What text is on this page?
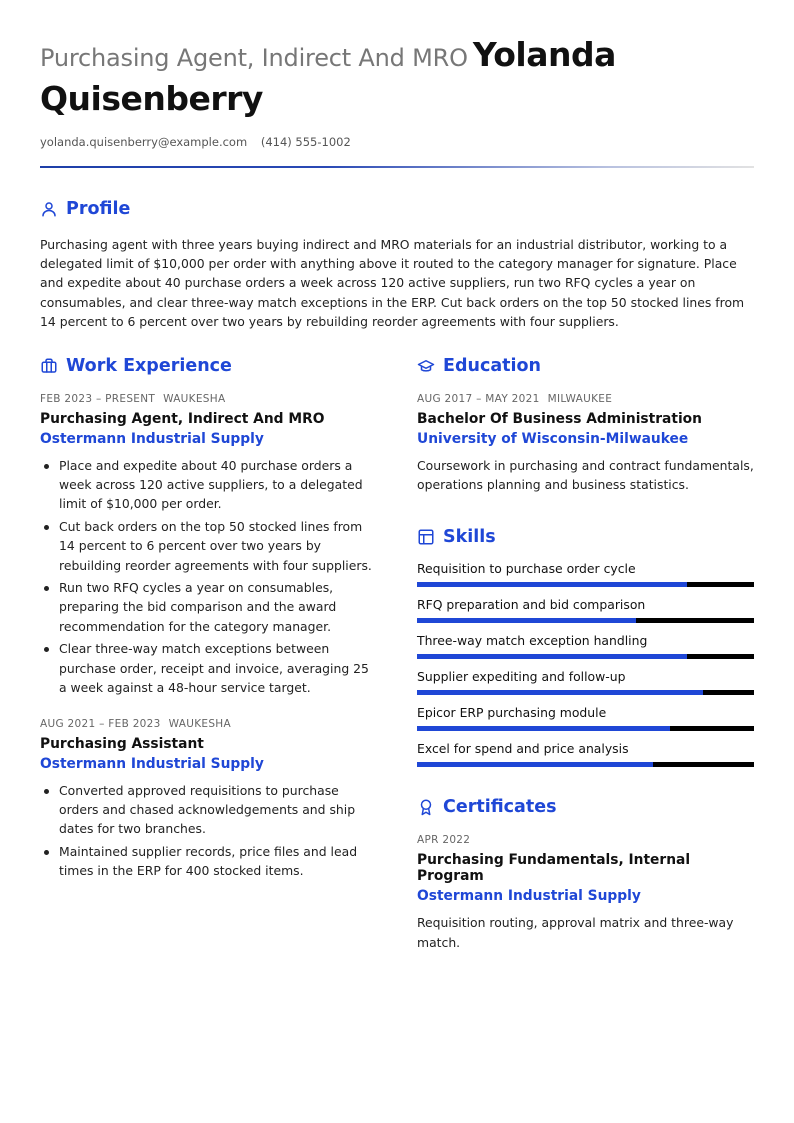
Purchasing Agent, Indirect And MRO Yolanda
Quisenberry
yolanda.quisenberry@example.com (414) 555-1002
Profile

Purchasing agent with three years buying indirect and MRO materials for an industrial distributor, working to a delegated limit of $10,000 per order with anything above it routed to the category manager for signature. Place and expedite about 40 purchase orders a week across 120 active suppliers, run two RFQ cycles a year on consumables, and clear three-way match exceptions in the ERP. Cut back orders on the top 50 stocked lines from 14 percent to 6 percent over two years by rebuilding reorder agreements with four suppliers.

Work Experience
FEB 2023 – PRESENT WAUKESHA
Purchasing Agent, Indirect And MRO
Ostermann Industrial Supply
Place and expedite about 40 purchase orders a week across 120 active suppliers, to a delegated limit of $10,000 per order.
Cut back orders on the top 50 stocked lines from 14 percent to 6 percent over two years by rebuilding reorder agreements with four suppliers.
Run two RFQ cycles a year on consumables, preparing the bid comparison and the award recommendation for the category manager.
Clear three-way match exceptions between purchase order, receipt and invoice, averaging 25 a week against a 48-hour service target.
AUG 2021 – FEB 2023 WAUKESHA
Purchasing Assistant
Ostermann Industrial Supply
Converted approved requisitions to purchase orders and chased acknowledgements and ship dates for two branches.
Maintained supplier records, price files and lead times in the ERP for 400 stocked items.
Education
AUG 2017 – MAY 2021 MILWAUKEE
Bachelor Of Business Administration
University of Wisconsin-Milwaukee

Coursework in purchasing and contract fundamentals, operations planning and business statistics.

Skills
Requisition to purchase order cycle
RFQ preparation and bid comparison
Three-way match exception handling
Supplier expediting and follow-up
Epicor ERP purchasing module
Excel for spend and price analysis
Certificates
APR 2022
Purchasing Fundamentals, Internal Program
Ostermann Industrial Supply

Requisition routing, approval matrix and three-way match.
